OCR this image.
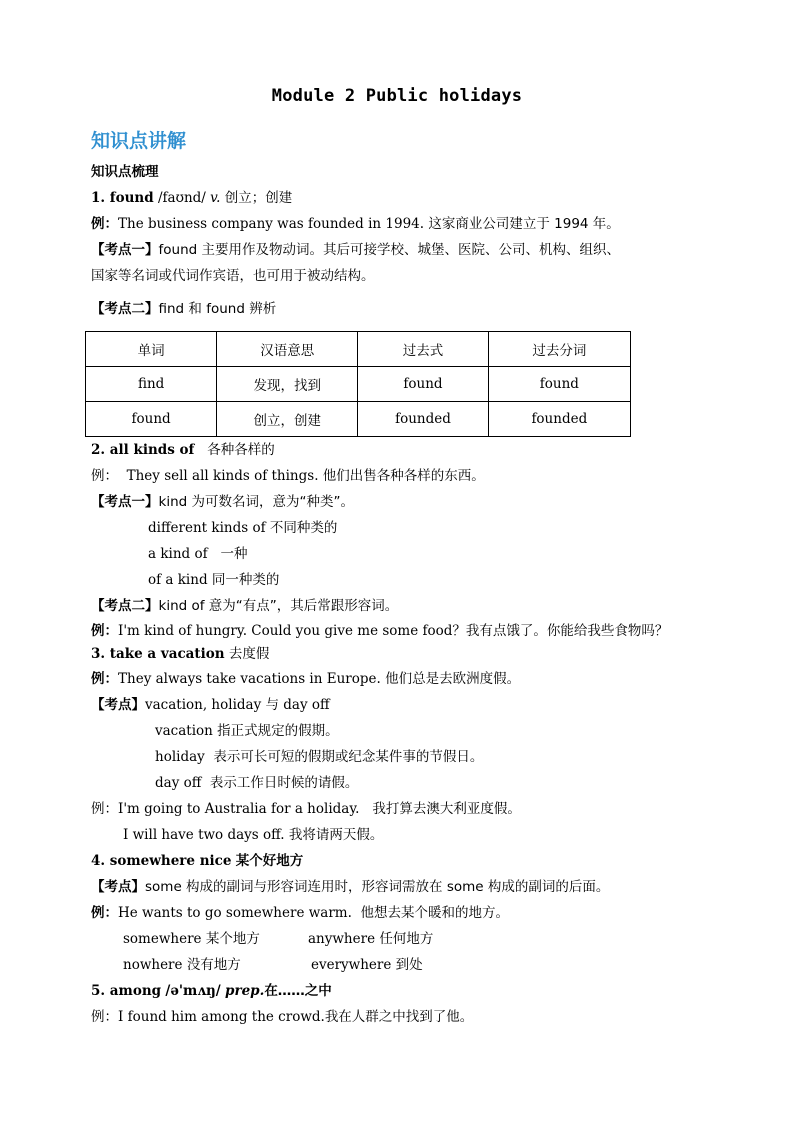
Module 2 Public holidays
知识点讲解
知识点梳理
1. found /faʊnd/ v. 创立；创建
例：The business company was founded in 1994. 这家商业公司建立于 1994 年。
【考点一】found 主要用作及物动词。其后可接学校、城堡、医院、公司、机构、组织、
国家等名词或代词作宾语，也可用于被动结构。
【考点二】find 和 found 辨析
单词	汉语意思	过去式	过去分词
find	发现，找到	found	found
found	创立，创建	founded	founded
2. all kinds of 各种各样的
例： They sell all kinds of things. 他们出售各种各样的东西。
【考点一】kind 为可数名词，意为“种类”。
different kinds of 不同种类的
a kind of 一种
of a kind 同一种类的
【考点二】kind of 意为“有点”，其后常跟形容词。
例：I'm kind of hungry. Could you give me some food？我有点饿了。你能给我些食物吗？
3. take a vacation 去度假
例：They always take vacations in Europe. 他们总是去欧洲度假。
【考点】vacation, holiday 与 day off
vacation 指正式规定的假期。
holiday 表示可长可短的假期或纪念某件事的节假日。
day off 表示工作日时候的请假。
例：I'm going to Australia for a holiday. 我打算去澳大利亚度假。
I will have two days off. 我将请两天假。
4. somewhere nice 某个好地方
【考点】some 构成的副词与形容词连用时，形容词需放在 some 构成的副词的后面。
例：He wants to go somewhere warm. 他想去某个暖和的地方。
somewhere 某个地方	anywhere 任何地方
nowhere 没有地方	everywhere 到处
5. among /ə'mʌŋ/ prep.在……之中
例：I found him among the crowd.我在人群之中找到了他。
